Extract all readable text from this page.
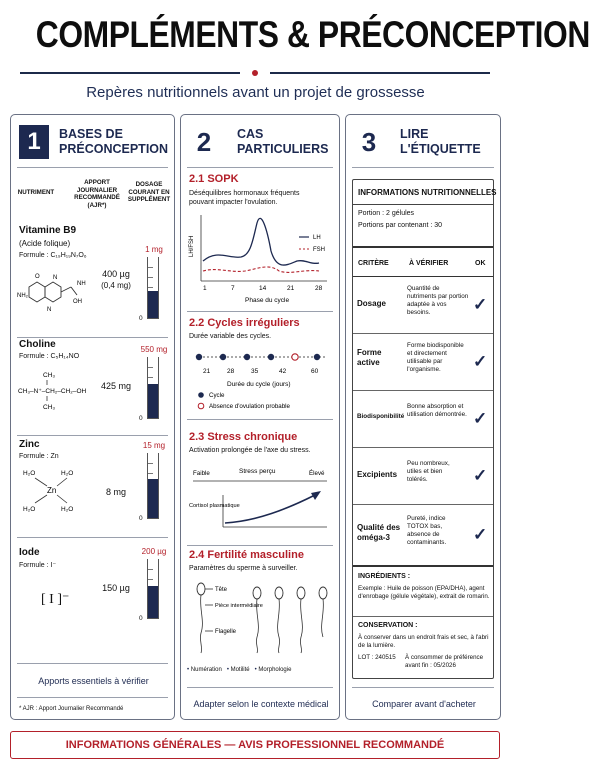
COMPLÉMENTS & PRÉCONCEPTION
Repères nutritionnels avant un projet de grossesse
1	BASES DE
PRÉCONCEPTION
NUTRIMENT
APPORT JOURNALIER RECOMMANDÉ (AJR*)
DOSAGE COURANT EN SUPPLÉMENT
Vitamine B9
(Acide folique)
Formule : C₁₉H₁₉N₇O₆
O N
NH
OH
N
NH₂
400 µg
(0,4 mg)
1 mg
0
Choline
Formule : C₅H₁₄NO
CH₃
CH₃–N⁺–CH₂–CH₂–OH
CH₃
425 mg
550 mg
0
Zinc
Formule : Zn
H₂O	H₂O
Zn
H₂O	H₂O
8 mg
15 mg
0
Iode
Formule : I⁻
[ I ]⁻
150 µg
200 µg
0
Apports essentiels à vérifier
* AJR : Apport Journalier Recommandé
2	CAS
PARTICULIERS
2.1 SOPK
Déséquilibres hormonaux fréquents pouvant impacter l'ovulation.
LH/FSH	LH
FSH
1	7	14	21	28
Phase du cycle
2.2 Cycles irréguliers
Durée variable des cycles.
21	28	35	42	60
Durée du cycle (jours)
Cycle
Absence d'ovulation probable
2.3 Stress chronique
Activation prolongée de l'axe du stress.
Faible	Stress perçu	Élevé
Cortisol plasmatique
2.4 Fertilité masculine
Paramètres du sperme à surveiller.
Tête
Pièce intermédiaire
Flagelle
• Numération • Motilité • Morphologie
Adapter selon le contexte médical
3	LIRE
L'ÉTIQUETTE
INFORMATIONS NUTRITIONNELLES
Portion : 2 gélules
Portions par contenant : 30
CRITÈRE	À VÉRIFIER	OK
Dosage
Quantité de nutriments par portion adaptée à vos besoins.	✓
Forme active
Forme biodisponible et directement utilisable par l'organisme.	✓
Biodisponibilité
Bonne absorption et utilisation démontrée. ✓
Excipients
Peu nombreux, utiles et bien tolérés.	✓
Qualité des oméga-3
Pureté, indice TOTOX bas, absence de contaminants.	✓
INGRÉDIENTS :
Exemple : Huile de poisson (EPA/DHA), agent d'enrobage (gélule végétale), extrait de romarin.
CONSERVATION :
À conserver dans un endroit frais et sec, à l'abri de la lumière.
LOT : 240515 À consommer de préférence avant fin : 05/2026
Comparer avant d'acheter
INFORMATIONS GÉNÉRALES — AVIS PROFESSIONNEL RECOMMANDÉ
